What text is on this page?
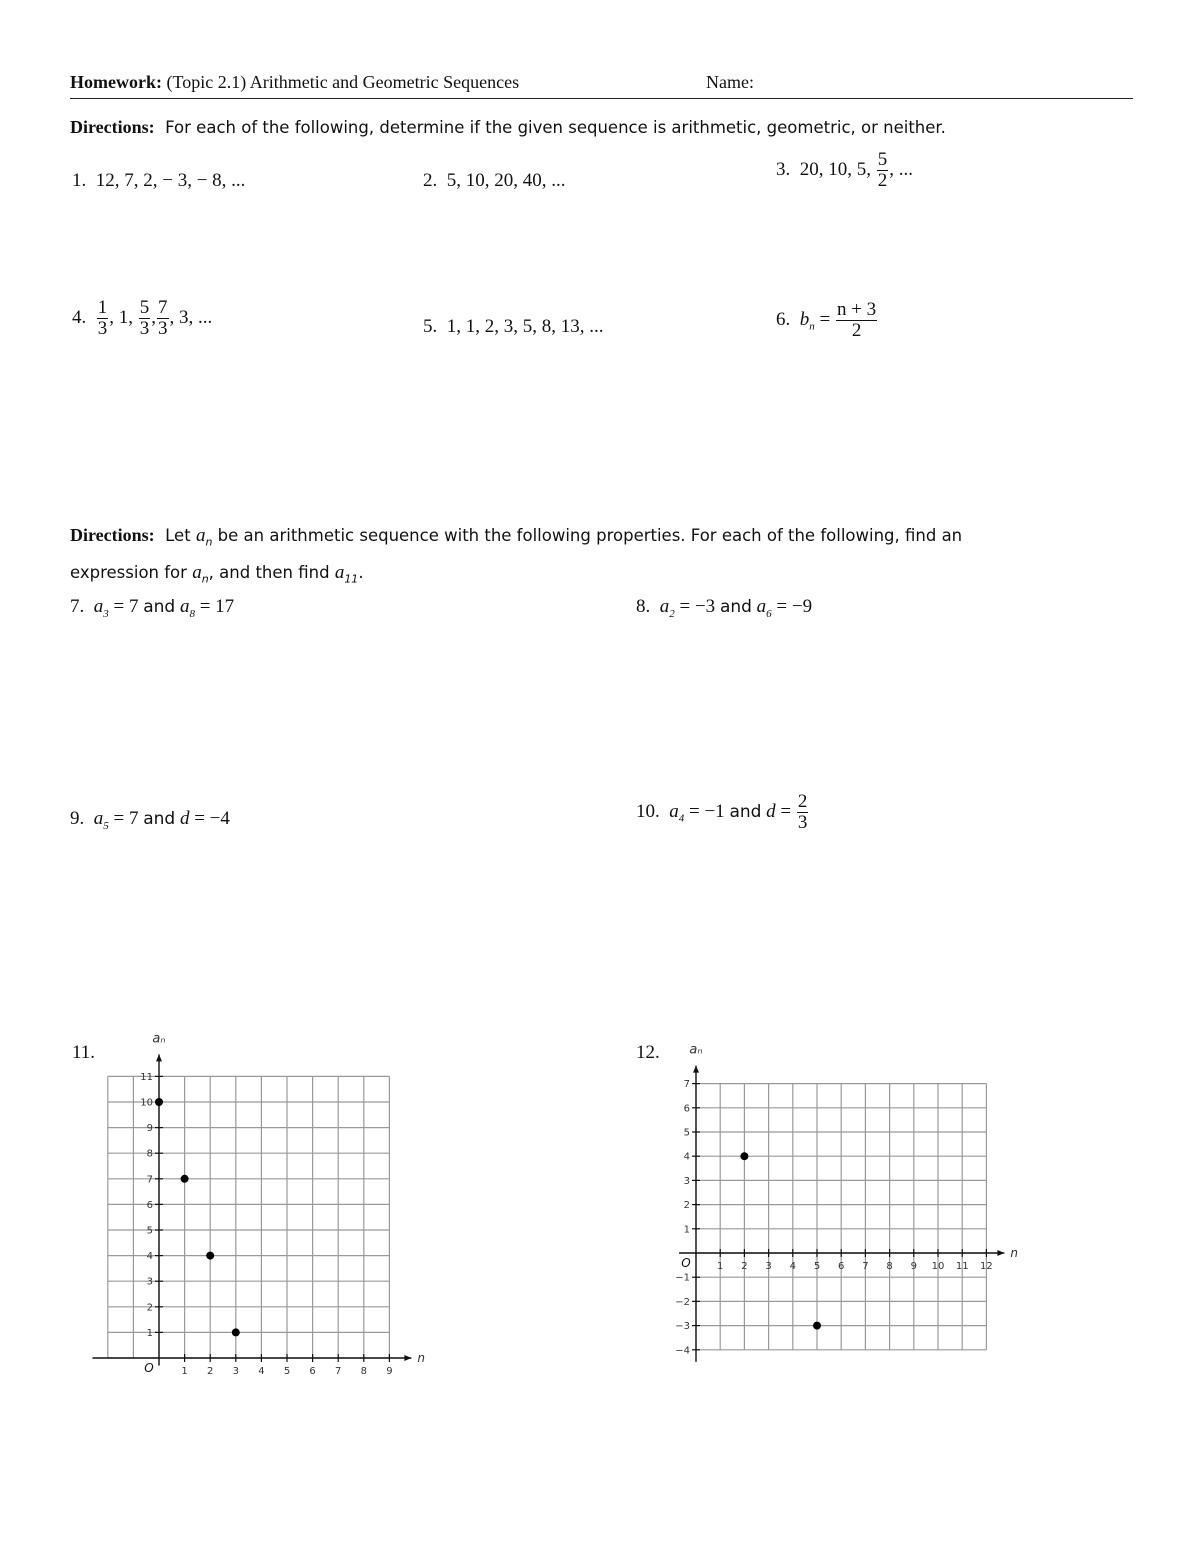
Homework: (Topic 2.1) Arithmetic and Geometric Sequences	Name:
Directions: For each of the following, determine if the given sequence is arithmetic, geometric, or neither.
1. 12, 7, 2, − 3, − 8, ...	2. 5, 10, 20, 40, ...
3. 20, 10, 5, $\frac{5}{2}$ , ...
4. $\frac{1}{3}$ , 1, $\frac{5}{3}$ , $\frac{7}{3}$ , 3, ...	5. 1, 1, 2, 3, 5, 8, 13, ...	6. $b_n = \frac{n + 3}{2}$
Directions: Let $a_n$ be an arithmetic sequence with the following properties. For each of the following, find an
expression for $a_n$, and then find $a_{11}$.
7. $a_3 = 7$ and $a_8 = 17$	8. $a_2 = -3$ and $a_6 = -9$
9. $a_5 = 7$ and d = −4	10. $a_4 = -1$ and $d = \frac{2}{3}$
11.	12.
1 2 3 4 5 6 7 8 9
1
2
3
4
5
6
7
8
9
10
11
O
n
aₙ
1 2 3 4 5 6 7 8 9 10 11 12
−4
−3
−2
−1
1
2
3
4
5
6
7
O
n
aₙ
